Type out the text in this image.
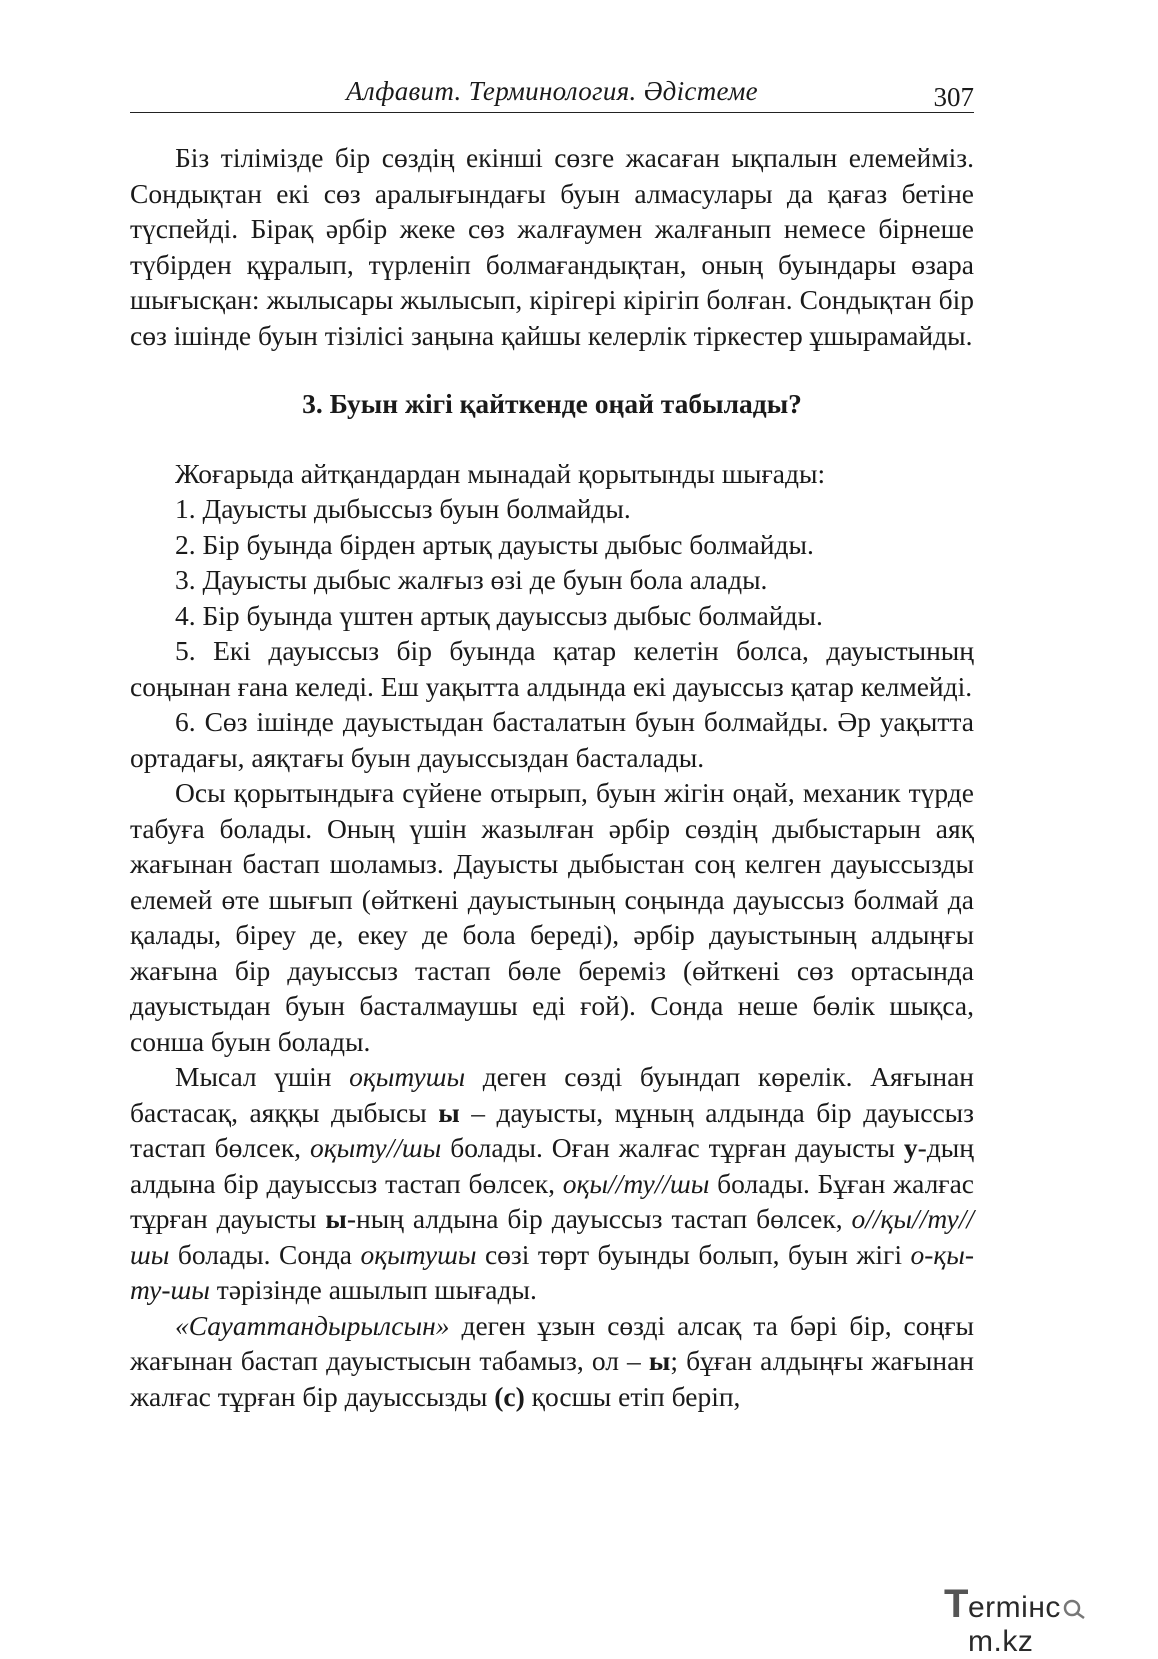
Алфавит. Терминология. Әдістеме	307

Біз тілімізде бір сөздің екінші сөзге жасаған ықпалын елемейміз. Сондықтан екі сөз аралығындағы буын алмасулары да қағаз бетіне түспейді. Бірақ әрбір жеке сөз жалғаумен жалғанып немесе бірнеше түбірден құралып, түрленіп болмағандықтан, оның буындары өзара шығысқан: жылысары жылысып, кірігері кірігіп болған. Сондықтан бір сөз ішінде буын тізілісі заңына қайшы келерлік тіркестер ұшырамайды.

3. Буын жігі қайткенде оңай табылады?

Жоғарыда айтқандардан мынадай қорытынды шығады:

1. Дауысты дыбыссыз буын болмайды.

2. Бір буында бірден артық дауысты дыбыс болмайды.

3. Дауысты дыбыс жалғыз өзі де буын бола алады.

4. Бір буында үштен артық дауыссыз дыбыс болмайды.

5. Екі дауыссыз бір буында қатар келетін болса, дауыстының соңынан ғана келеді. Еш уақытта алдында екі дауыссыз қатар келмейді.

6. Сөз ішінде дауыстыдан басталатын буын болмайды. Әр уақытта ортадағы, аяқтағы буын дауыссыздан басталады.

Осы қорытындыға сүйене отырып, буын жігін оңай, механик түрде табуға болады. Оның үшін жазылған әрбір сөздің дыбыстарын аяқ жағынан бастап шоламыз. Дауысты дыбыстан соң келген дауыссызды елемей өте шығып (өйткені дауыстының соңында дауыссыз болмай да қалады, біреу де, екеу де бола береді), әрбір дауыстының алдыңғы жағына бір дауыссыз тастап бөле береміз (өйткені сөз ортасында дауыстыдан буын басталмаушы еді ғой). Сонда неше бөлік шықса, сонша буын болады.

Мысал үшін оқытушы деген сөзді буындап көрелік. Аяғынан бастасақ, аяққы дыбысы ы – дауысты, мұның алдында бір дауыссыз тастап бөлсек, оқыту//шы болады. Оған жалғас тұрған дауысты у-дың алдына бір дауыссыз тастап бөлсек, оқы//ту//шы болады. Бұған жалғас тұрған дауысты ы-ның алдына бір дауыссыз тастап бөлсек, о//қы//ту//шы болады. Сонда оқытушы сөзі төрт буынды болып, буын жігі о-қы-ту-шы тәрізінде ашылып шығады.

«Сауаттандырылсын» деген ұзын сөзді алсақ та бәрі бір, соңғы жағынан бастап дауыстысын табамыз, ол – ы; бұған алдыңғы жағынан жалғас тұрған бір дауыссызды (с) қосшы етіп беріп,

T ermінcm.kz
